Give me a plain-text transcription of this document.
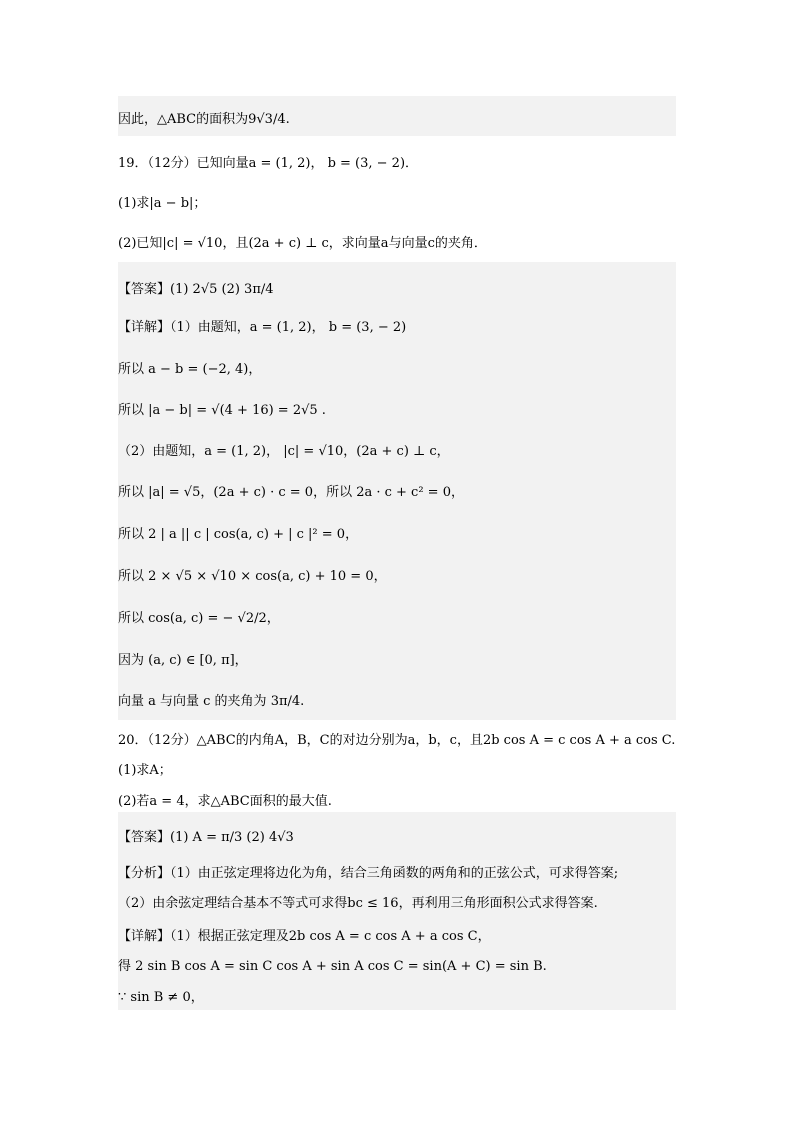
因此，△ABC的面积为9√3/4.
19．（12分）已知向量a = (1, 2)， b = (3, − 2)．
(1)求|a − b|；
(2)已知|c| = √10，且(2a + c) ⊥ c，求向量a与向量c的夹角．
【答案】(1) 2√5 (2) 3π/4
【详解】（1）由题知，a = (1, 2)， b = (3, − 2)
所以 a − b = (−2, 4)，
所以 |a − b| = √(4 + 16) = 2√5 .
（2）由题知，a = (1, 2)， |c| = √10，(2a + c) ⊥ c，
所以 |a| = √5，(2a + c) · c = 0，所以 2a · c + c² = 0，
所以 2 | a || c | cos(a, c) + | c |² = 0，
所以 2 × √5 × √10 × cos(a, c) + 10 = 0，
所以 cos(a, c) = − √2/2，
因为 (a, c) ∈ [0, π]，
向量 a 与向量 c 的夹角为 3π/4.
20．（12分）△ABC的内角A，B，C的对边分别为a，b，c，且2b cos A = c cos A + a cos C.
(1)求A；
(2)若a = 4，求△ABC面积的最大值.
【答案】(1) A = π/3 (2) 4√3
【分析】（1）由正弦定理将边化为角，结合三角函数的两角和的正弦公式，可求得答案;
（2）由余弦定理结合基本不等式可求得bc ≤ 16，再利用三角形面积公式求得答案.
【详解】（1）根据正弦定理及2b cos A = c cos A + a cos C，
得 2 sin B cos A = sin C cos A + sin A cos C = sin(A + C) = sin B.
∵ sin B ≠ 0，
